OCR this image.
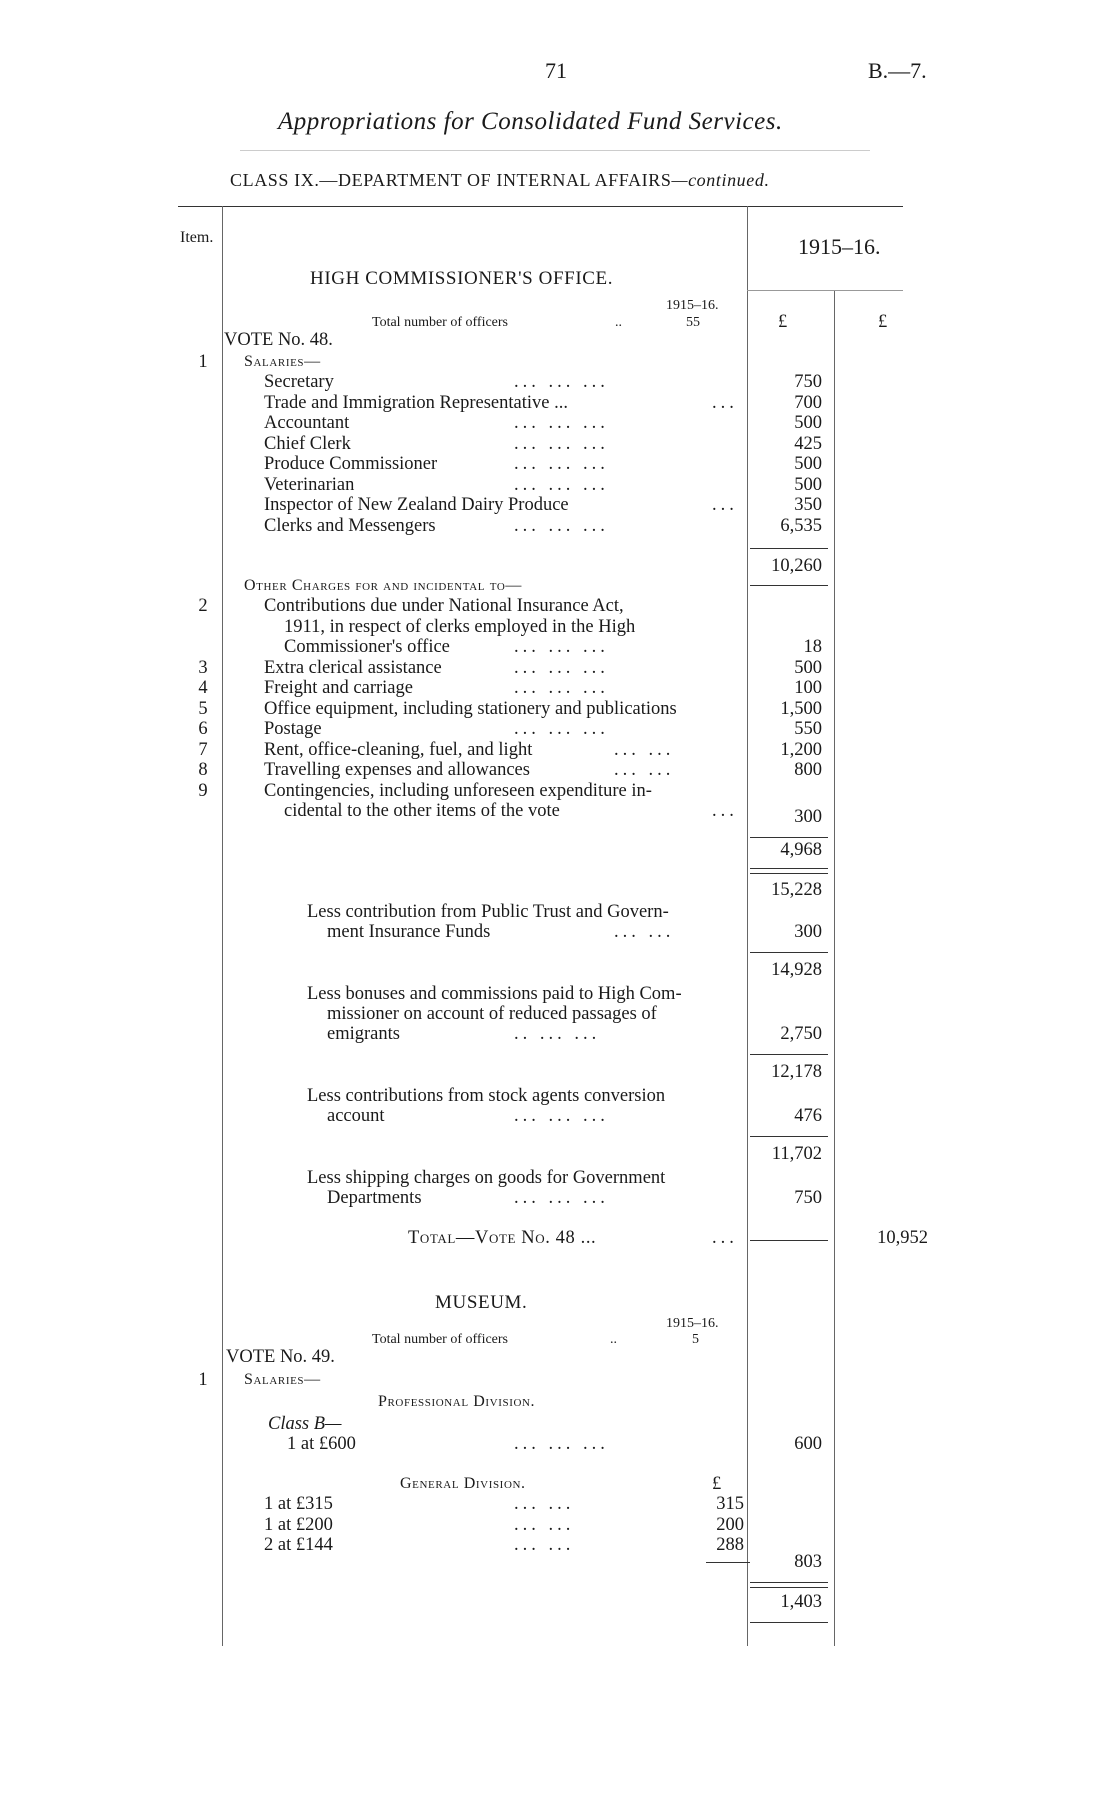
71	B.—7.
Appropriations for Consolidated Fund Services.
CLASS IX.—DEPARTMENT OF INTERNAL AFFAIRS—continued.
Item.	1915–16.
£	£
HIGH COMMISSIONER'S OFFICE.
Total number of officers	..
1915–16.
55
VOTE No. 48.
1	Salaries—
Secretary	... ... ...	750
Trade and Immigration Representative ...	...	700
Accountant	... ... ...	500
Chief Clerk	... ... ...	425
Produce Commissioner	... ... ...	500
Veterinarian	... ... ...	500
Inspector of New Zealand Dairy Produce	...	350
Clerks and Messengers	... ... ...	6,535
10,260
Other Charges for and incidental to—
2	Contributions due under National Insurance Act,
1911, in respect of clerks employed in the High
Commissioner's office	... ... ...	18
3	Extra clerical assistance	... ... ...	500
4	Freight and carriage	... ... ...	100
5	Office equipment, including stationery and publications	1,500
6	Postage	... ... ...	550
7	Rent, office-cleaning, fuel, and light	... ...	1,200
8	Travelling expenses and allowances	... ...	800
9	Contingencies, including unforeseen expenditure in-
cidental to the other items of the vote	...	300
4,968
15,228
Less contribution from Public Trust and Govern-
ment Insurance Funds	... ...	300
14,928
Less bonuses and commissions paid to High Com-
missioner on account of reduced passages of
emigrants	.. ... ...	2,750
12,178
Less contributions from stock agents conversion
account	... ... ...	476
11,702
Less shipping charges on goods for Government
Departments	... ... ...	750
Total—Vote No. 48 ...	...	10,952
MUSEUM.
Total number of officers	..
1915–16.
5
VOTE No. 49.
1	Salaries—
Professional Division.
Class B—
1 at £600	... ... ...	600
General Division.	£
1 at £315	... ...	315
1 at £200	... ...	200
2 at £144	... ...	288
803
1,403
